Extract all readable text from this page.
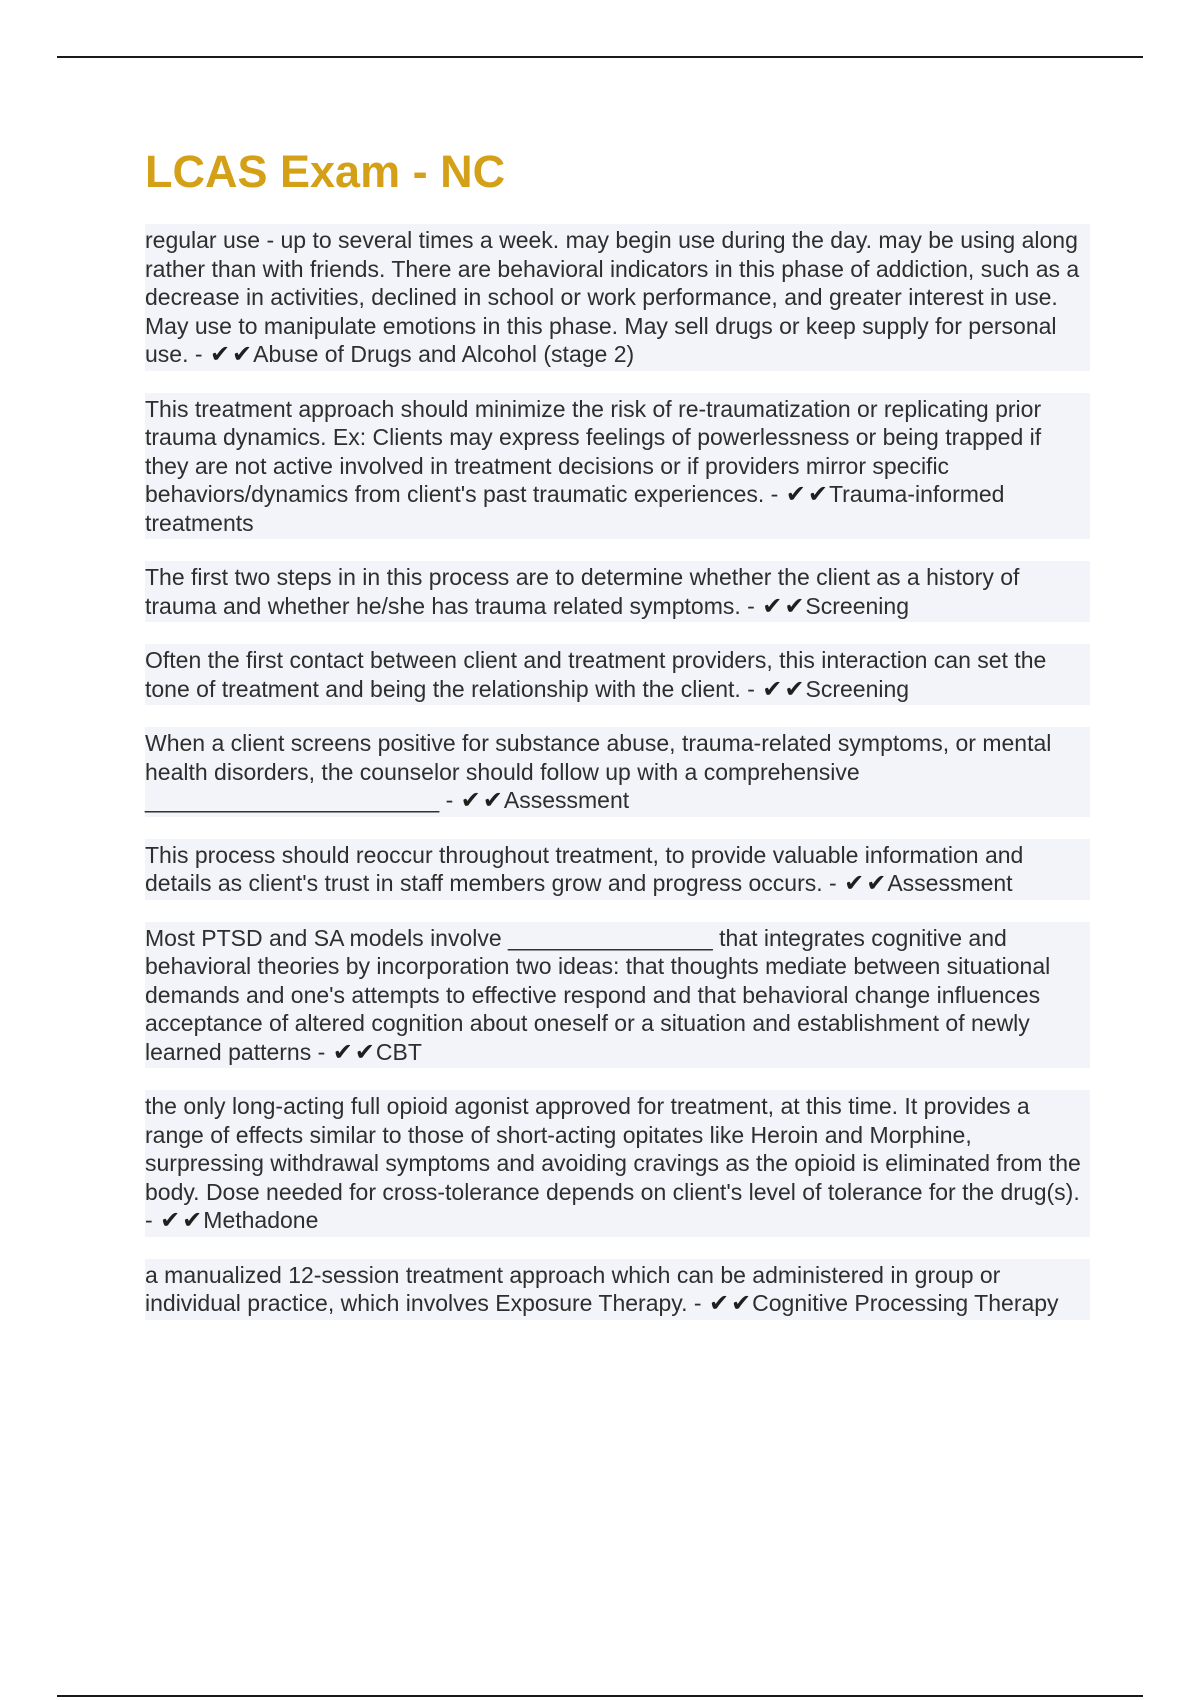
LCAS Exam - NC
regular use - up to several times a week. may begin use during the day. may be using along rather than with friends. There are behavioral indicators in this phase of addiction, such as a decrease in activities, declined in school or work performance, and greater interest in use. May use to manipulate emotions in this phase. May sell drugs or keep supply for personal use. - ✔✔Abuse of Drugs and Alcohol (stage 2)
This treatment approach should minimize the risk of re-traumatization or replicating prior trauma dynamics. Ex: Clients may express feelings of powerlessness or being trapped if they are not active involved in treatment decisions or if providers mirror specific behaviors/dynamics from client's past traumatic experiences. - ✔✔Trauma-informed treatments
The first two steps in in this process are to determine whether the client as a history of trauma and whether he/she has trauma related symptoms. - ✔✔Screening
Often the first contact between client and treatment providers, this interaction can set the tone of treatment and being the relationship with the client. - ✔✔Screening
When a client screens positive for substance abuse, trauma-related symptoms, or mental health disorders, the counselor should follow up with a comprehensive _______________________ - ✔✔Assessment
This process should reoccur throughout treatment, to provide valuable information and details as client's trust in staff members grow and progress occurs. - ✔✔Assessment
Most PTSD and SA models involve ________________ that integrates cognitive and behavioral theories by incorporation two ideas: that thoughts mediate between situational demands and one's attempts to effective respond and that behavioral change influences acceptance of altered cognition about oneself or a situation and establishment of newly learned patterns - ✔✔CBT
the only long-acting full opioid agonist approved for treatment, at this time. It provides a range of effects similar to those of short-acting opitates like Heroin and Morphine, surpressing withdrawal symptoms and avoiding cravings as the opioid is eliminated from the body. Dose needed for cross-tolerance depends on client's level of tolerance for the drug(s). - ✔✔Methadone
a manualized 12-session treatment approach which can be administered in group or individual practice, which involves Exposure Therapy. - ✔✔Cognitive Processing Therapy
